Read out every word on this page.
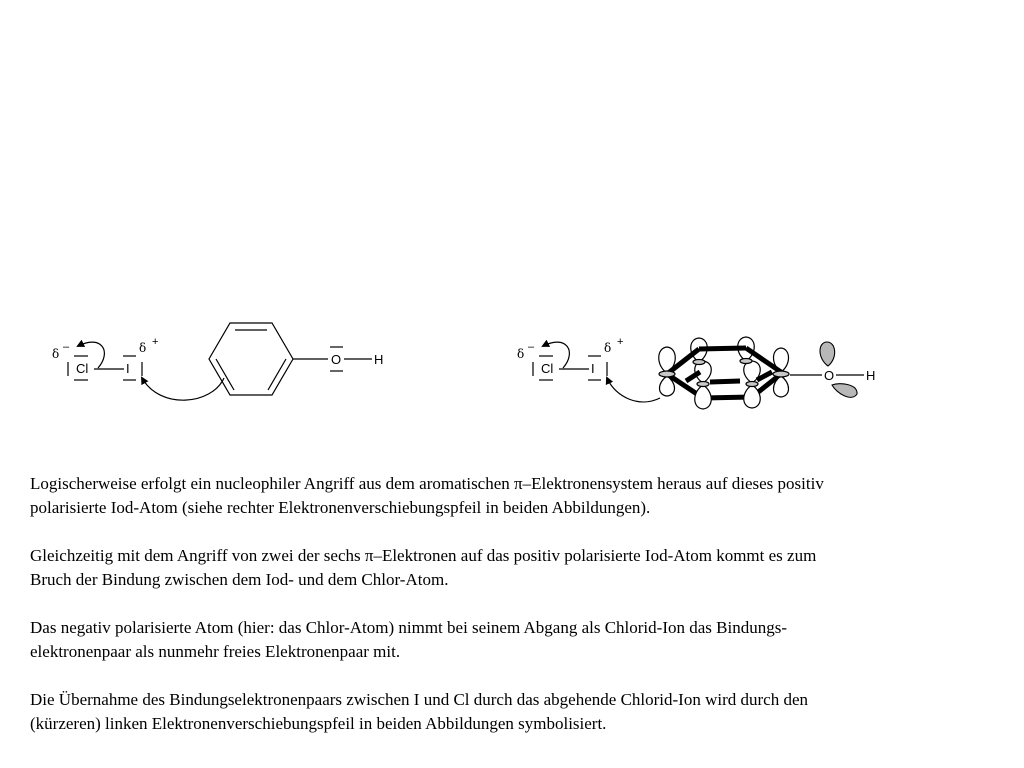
δ –	δ +
Cl	I
O	H	δ –	δ +
Cl	I	O H

Logischerweise erfolgt ein nucleophiler Angriff aus dem aromatischen π–Elektronensystem heraus auf dieses positiv
polarisierte Iod-Atom (siehe rechter Elektronenverschiebungspfeil in beiden Abbildungen).

Gleichzeitig mit dem Angriff von zwei der sechs π–Elektronen auf das positiv polarisierte Iod-Atom kommt es zum
Bruch der Bindung zwischen dem Iod- und dem Chlor-Atom.

Das negativ polarisierte Atom (hier: das Chlor-Atom) nimmt bei seinem Abgang als Chlorid-Ion das Bindungs-
elektronenpaar als nunmehr freies Elektronenpaar mit.

Die Übernahme des Bindungselektronenpaars zwischen I und Cl durch das abgehende Chlorid-Ion wird durch den
(kürzeren) linken Elektronenverschiebungspfeil in beiden Abbildungen symbolisiert.
